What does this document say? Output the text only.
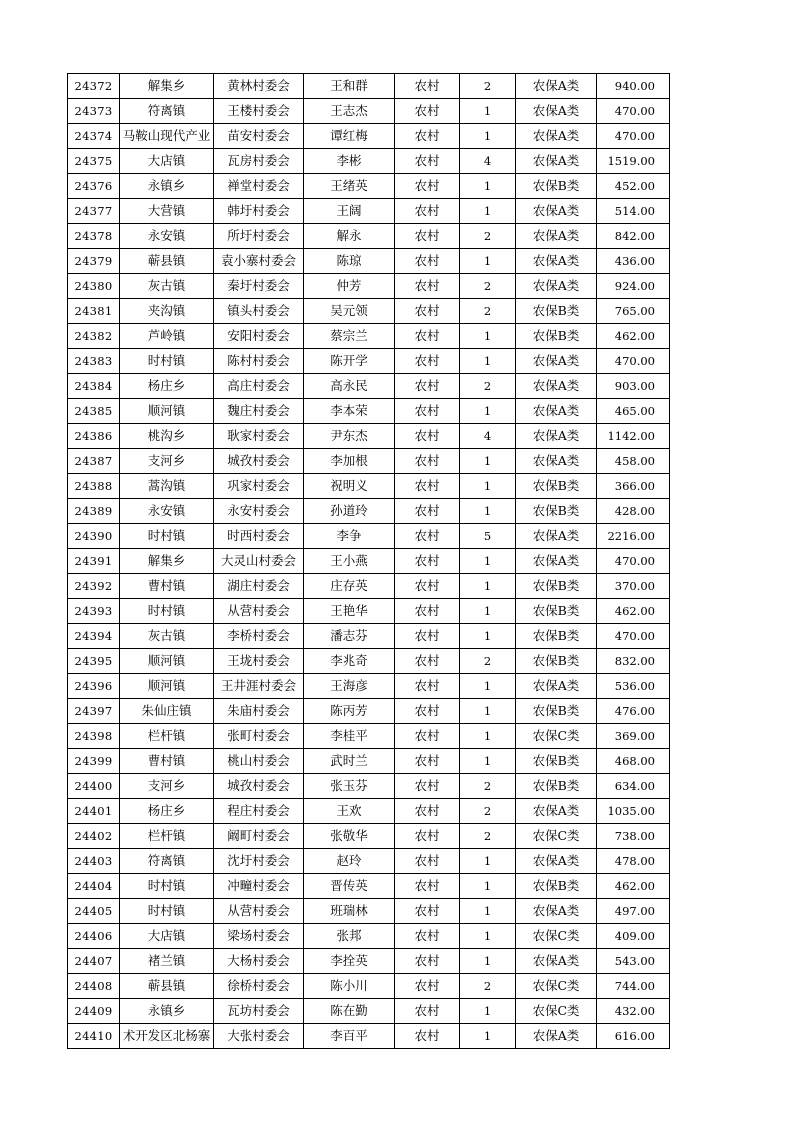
24372	解集乡	黄林村委会	王和群	农村	2	农保A类	940.00
24373	符离镇	王楼村委会	王志杰	农村	1	农保A类	470.00
24374	马鞍山现代产业	苗安村委会	谭红梅	农村	1	农保A类	470.00
24375	大店镇	瓦房村委会	李彬	农村	4	农保A类	1519.00
24376	永镇乡	禅堂村委会	王绪英	农村	1	农保B类	452.00
24377	大营镇	韩圩村委会	王阔	农村	1	农保A类	514.00
24378	永安镇	所圩村委会	解永	农村	2	农保A类	842.00
24379	蕲县镇	袁小寨村委会	陈琼	农村	1	农保A类	436.00
24380	灰古镇	秦圩村委会	仲芳	农村	2	农保A类	924.00
24381	夹沟镇	镇头村委会	吴元领	农村	2	农保B类	765.00
24382	芦岭镇	安阳村委会	蔡宗兰	农村	1	农保B类	462.00
24383	时村镇	陈村村委会	陈开学	农村	1	农保A类	470.00
24384	杨庄乡	高庄村委会	高永民	农村	2	农保A类	903.00
24385	顺河镇	魏庄村委会	李本荣	农村	1	农保A类	465.00
24386	桃沟乡	耿家村委会	尹东杰	农村	4	农保A类	1142.00
24387	支河乡	城孜村委会	李加根	农村	1	农保A类	458.00
24388	蒿沟镇	巩家村委会	祝明义	农村	1	农保B类	366.00
24389	永安镇	永安村委会	孙道玲	农村	1	农保B类	428.00
24390	时村镇	时西村委会	李争	农村	5	农保A类	2216.00
24391	解集乡	大灵山村委会	王小燕	农村	1	农保A类	470.00
24392	曹村镇	湖庄村委会	庄存英	农村	1	农保B类	370.00
24393	时村镇	从营村委会	王艳华	农村	1	农保B类	462.00
24394	灰古镇	李桥村委会	潘志芬	农村	1	农保B类	470.00
24395	顺河镇	王垅村委会	李兆奇	农村	2	农保B类	832.00
24396	顺河镇	王井涯村委会	王海彦	农村	1	农保A类	536.00
24397	朱仙庄镇	朱庙村委会	陈丙芳	农村	1	农保B类	476.00
24398	栏杆镇	张町村委会	李桂平	农村	1	农保C类	369.00
24399	曹村镇	桃山村委会	武时兰	农村	1	农保B类	468.00
24400	支河乡	城孜村委会	张玉芬	农村	2	农保B类	634.00
24401	杨庄乡	程庄村委会	王欢	农村	2	农保A类	1035.00
24402	栏杆镇	阚町村委会	张敬华	农村	2	农保C类	738.00
24403	符离镇	沈圩村委会	赵玲	农村	1	农保A类	478.00
24404	时村镇	冲疃村委会	晋传英	农村	1	农保B类	462.00
24405	时村镇	从营村委会	班瑞林	农村	1	农保A类	497.00
24406	大店镇	梁场村委会	张邦	农村	1	农保C类	409.00
24407	褚兰镇	大杨村委会	李拴英	农村	1	农保A类	543.00
24408	蕲县镇	徐桥村委会	陈小川	农村	2	农保C类	744.00
24409	永镇乡	瓦坊村委会	陈在勤	农村	1	农保C类	432.00
24410	术开发区北杨寨	大张村委会	李百平	农村	1	农保A类	616.00
